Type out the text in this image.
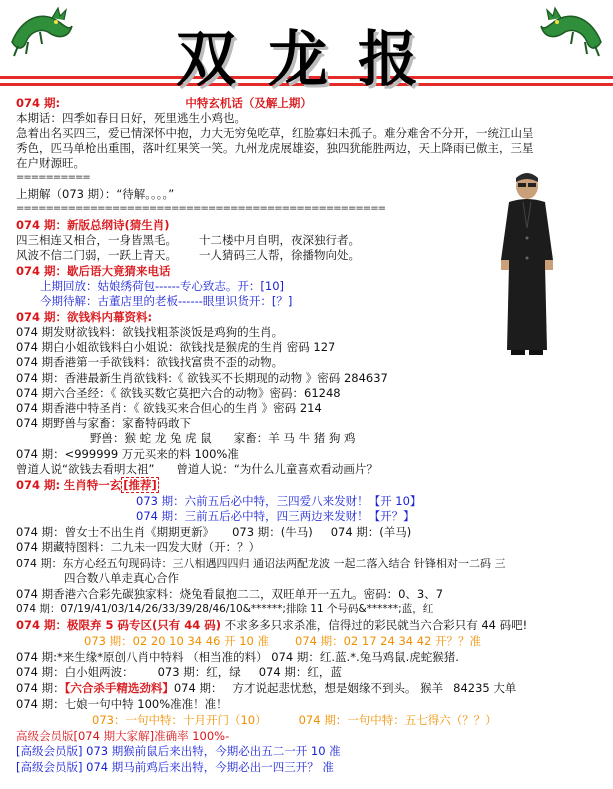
双 龙 报
074 期:	中特玄机话（及解上期）
本期话：四季如春日日好，死里逃生小鸡也。
急着出名买四三，爱已情深怀中抱，力大无穷兔吃草，红脸寡妇未孤子。难分难舍不分开，一统江山呈
秀色，匹马单枪出重围，落叶红果笑一笑。九州龙虎展雄姿，独四犹能胜两边，天上降雨已傲主，三星
在户财源旺。
==========
上期解（073 期）：“待解。。。。”
==================================================
074 期：新版总纲诗(猜生肖)
四三相连又相合，一身皆黑毛。 十二楼中月自明，夜深独行者。
风波不信二门弱，一跃上青天。 一人猜码三人帮，徐播物向处。
074 期：歇后语大竟猜来电话
上期回放：姑娘绣荷包------专心致志。开：[10]
今期待解：古董店里的老板------眼里识货开：[？]
074 期：欲钱料内幕资料:
074 期发财欲钱料：欲钱找粗茶淡饭是鸡狗的生肖。
074 期白小姐欲钱料白小姐说：欲钱找是猴虎的生肖 密码 127
074 期香港第一手欲钱料：欲钱找富贵不歪的动物。
074 期：香港最新生肖欲钱料:《 欲钱买不长期现的动物 》密码 284637
074 期六合圣经：《 欲钱买数它莫把六合的动物》密码：61248
074 期香港中特圣肖：《 欲钱买来合但心的生肖 》密码 214
074 期野兽与家畜：家畜特码敢下
野兽：猴 蛇 龙 兔 虎 鼠 家畜：羊 马 牛 猪 狗 鸡
074 期：<999999 万元买来的料 100%准
曾道人说“欲钱去看明太祖” 曾道人说：“为什么儿童喜欢看动画片？
074 期: 生肖特一玄 [推荐]
073 期：六前五后必中特，三四爱八来发财！【开 10】
074 期：三前五后必中特，四三两边来发财！【开？】
074 期：曾女士不出生肖《期期更新》 073 期：(牛马) 074 期：(羊马)
074 期藏特图料：二九未一四发大财（开：？）
074 期：东方心经五句现码诗：三八相遇四四归 通诏法两配龙波 一起二落入结合 针锋相对一二码 三
四合数八单走真心合作
074 期香港六合彩先碳独家料：烧兔看鼠抱二二，双旺单开一五九。密码：0、3、7
074 期：07/19/41/03/14/26/33/39/28/46/10&******;排除 11 个号码&******;蓝，红
074 期：极限弃 5 码专区(只有 44 码) 不求多多只求杀准，信得过的彩民就当六合彩只有 44 码吧!
073 期：02 20 10 34 46 开 10 准 074 期：02 17 24 34 42 开？？准
074 期:*来生缘*原创八肖中特料 （相当准的料） 074 期：红.蓝.*.兔马鸡鼠.虎蛇猴猪.
074 期：白小姐两波： 073 期：红，绿 074 期：红，蓝
074 期：【六合杀手精选劲料】074 期： 方才说起悲忧愁，想是姻缘不到头。 猴羊 84235 大单
074 期：七娘一句中特 100%准准！准！
073：一句中特：十月开门（10）	074 期：一句中特：五七得六（？？）
高级会员版[074 期大家解]准确率 100%-
[高级会员版] 073 期猴前鼠后来出特，今期必出五二一开 10 准
[高级会员版] 074 期马前鸡后来出特，今期必出一四三开？ 准
